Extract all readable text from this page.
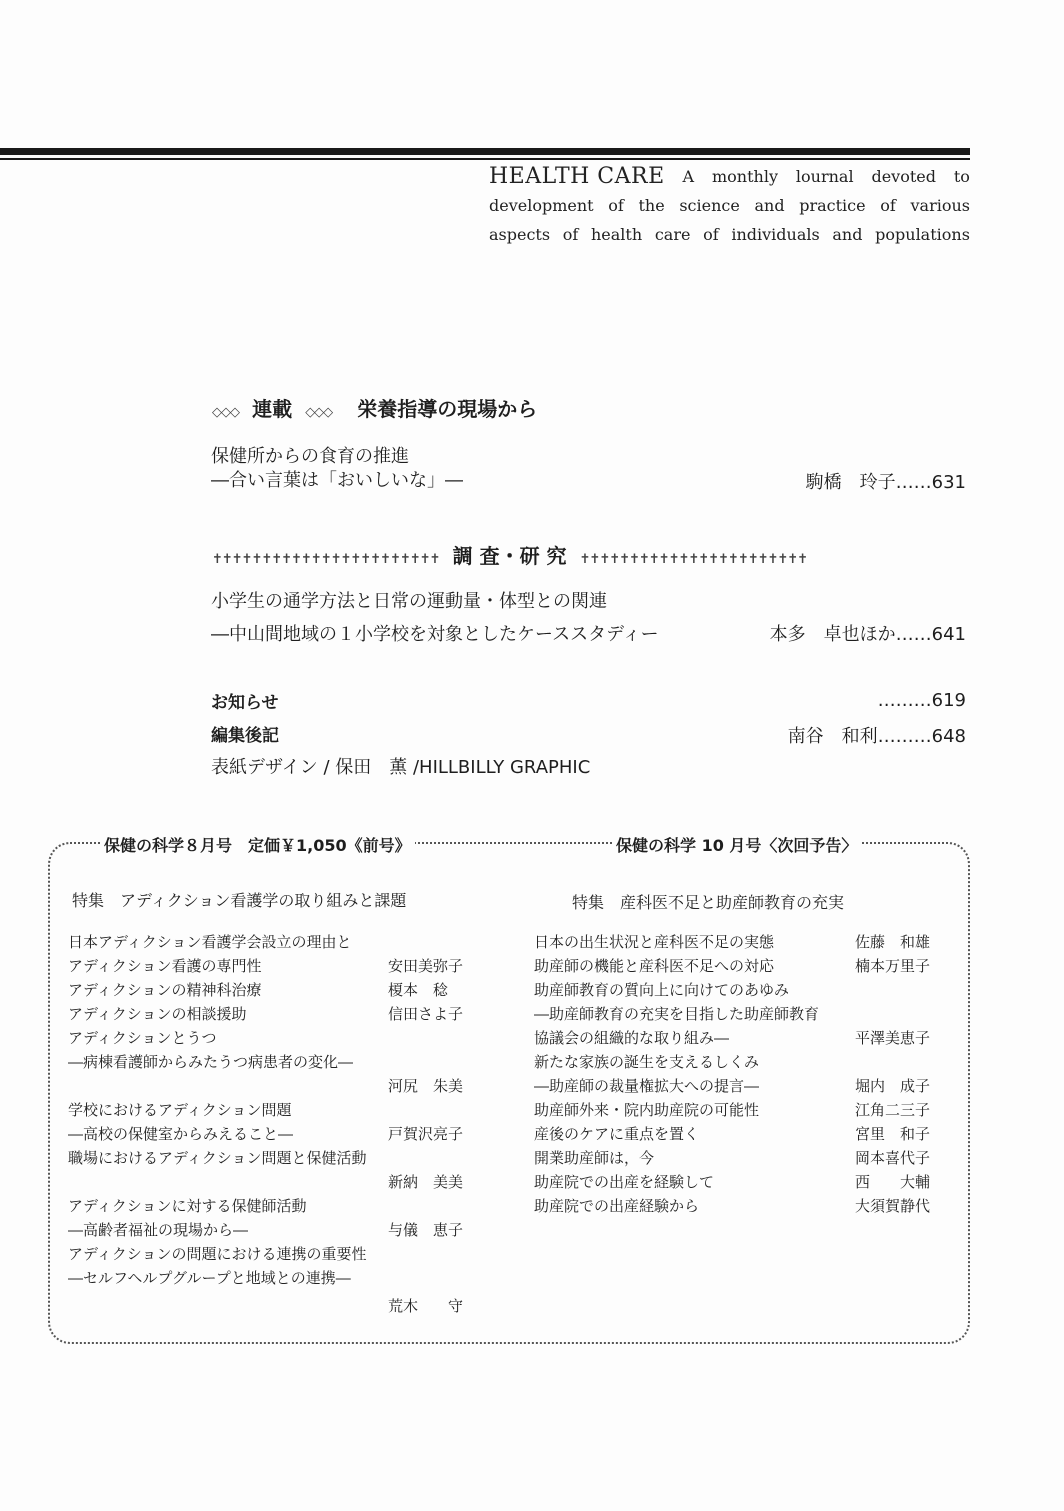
HEALTH CARE A monthly lournal devoted to
development of the science and practice of various
aspects of health care of individuals and populations
◇◇◇ 連載 ◇◇◇ 栄養指導の現場から
保健所からの食育の推進
―合い言葉は「おいしいな」―	駒橋　玲子……631
✝✝✝✝✝✝✝✝✝✝✝✝✝✝✝✝✝✝✝✝✝✝✝ 調 査・研 究 ✝✝✝✝✝✝✝✝✝✝✝✝✝✝✝✝✝✝✝✝✝✝✝
小学生の通学方法と日常の運動量・体型との関連
―中山間地域の１小学校を対象としたケーススタディー	本多　卓也ほか……641
お知らせ	………619
編集後記	南谷　和利………648
表紙デザイン / 保田　薫 /HILLBILLY GRAPHIC
保健の科学８月号　定価￥1,050《前号》	保健の科学 10 月号〈次回予告〉
特集　アディクション看護学の取り組みと課題	特集　産科医不足と助産師教育の充実
日本アディクション看護学会設立の理由と
アディクション看護の専門性	安田美弥子
アディクションの精神科治療	榎本　稔
アディクションの相談援助	信田さよ子
アディクションとうつ
―病棟看護師からみたうつ病患者の変化―
河尻　朱美
学校におけるアディクション問題
―高校の保健室からみえること―	戸賀沢亮子
職場におけるアディクション問題と保健活動
新納　美美
アディクションに対する保健師活動
―高齢者福祉の現場から―	与儀　恵子
アディクションの問題における連携の重要性
―セルフヘルプグループと地域との連携―
荒木　　守
日本の出生状況と産科医不足の実態	佐藤　和雄
助産師の機能と産科医不足への対応	楠本万里子
助産師教育の質向上に向けてのあゆみ
―助産師教育の充実を目指した助産師教育
協議会の組織的な取り組み―	平澤美恵子
新たな家族の誕生を支えるしくみ
―助産師の裁量権拡大への提言―	堀内　成子
助産師外来・院内助産院の可能性	江角二三子
産後のケアに重点を置く	宮里　和子
開業助産師は，今	岡本喜代子
助産院での出産を経験して	西　　大輔
助産院での出産経験から	大須賀静代
